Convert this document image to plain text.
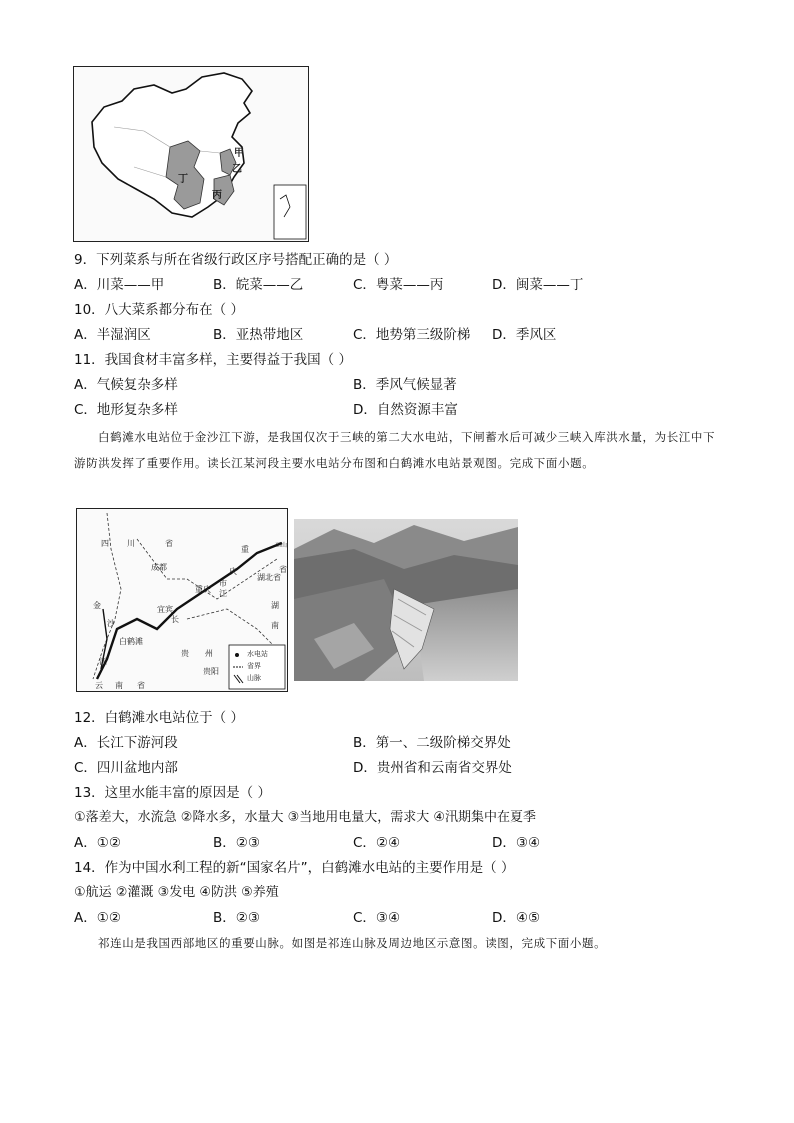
甲
乙
丙
丁
9．下列菜系与所在省级行政区序号搭配正确的是（ ）
A．川菜——甲	B．皖菜——乙	C．粤菜——丙	D．闽菜——丁
10．八大菜系都分布在（ ）
A．半湿润区	B．亚热带地区	C．地势第三级阶梯 D．季风区
11．我国食材丰富多样，主要得益于我国（ ）
A．气候复杂多样	B．季风气候显著
C．地形复杂多样	D．自然资源丰富
白鹤滩水电站位于金沙江下游，是我国仅次于三峡的第二大水电站，下闸蓄水后可减少三峡入库洪水量，为长江中下游防洪发挥了重要作用。读长江某河段主要水电站分布图和白鹤滩水电站景观图。完成下面小题。
四 川	省
成都
重
庆
市
重庆
湖北省
湖
南
宜宾
长
江
白鹤滩
金
沙
江
贵 州
贵阳
云 南 省
巫山
省
水电站
省界
山脉
12．白鹤滩水电站位于（ ）
A．长江下游河段	B．第一、二级阶梯交界处
C．四川盆地内部	D．贵州省和云南省交界处
13．这里水能丰富的原因是（ ）
①落差大，水流急 ②降水多，水量大 ③当地用电量大，需求大 ④汛期集中在夏季
A．①②	B．②③	C．②④	D．③④
14．作为中国水利工程的新“国家名片”，白鹤滩水电站的主要作用是（ ）
①航运 ②灌溉 ③发电 ④防洪 ⑤养殖
A．①②	B．②③	C．③④	D．④⑤
祁连山是我国西部地区的重要山脉。如图是祁连山脉及周边地区示意图。读图，完成下面小题。
